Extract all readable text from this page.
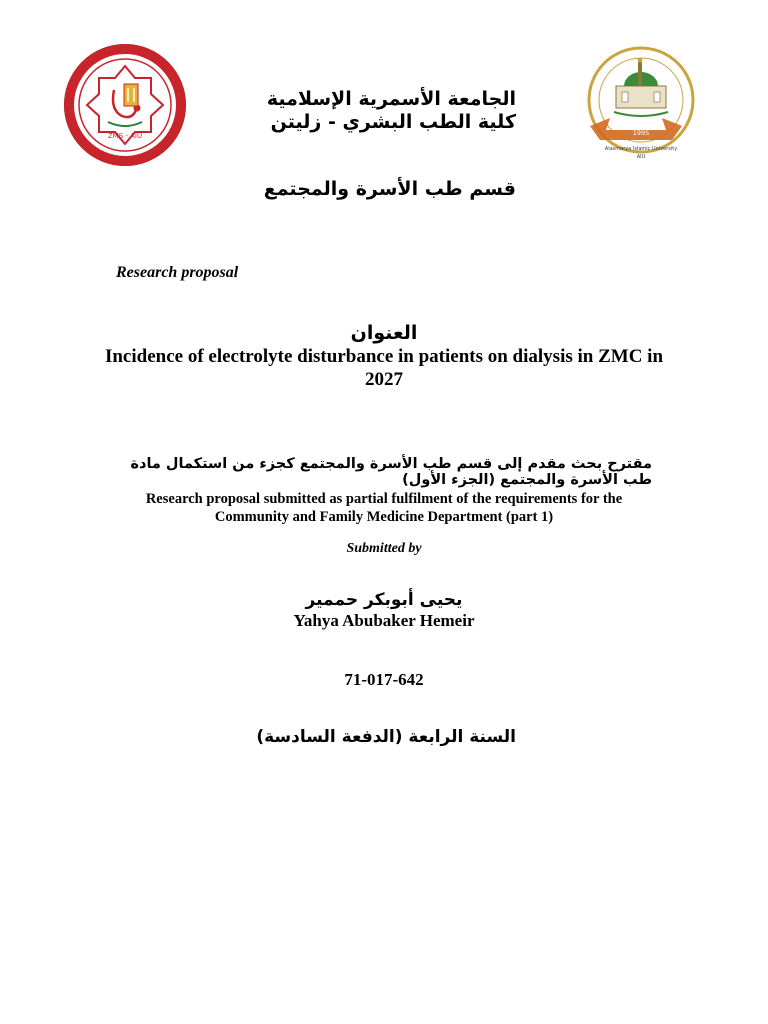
ZMS - AIU	1995
Alasmarya Islamic University
AIU
الجامعة الأسمرية الإسلامية
كلية الطب البشري - زليتن
قسم طب الأسرة والمجتمع
Research proposal
العنوان
Incidence of electrolyte disturbance in patients on dialysis in ZMC in 2027
مقترح بحث مقدم إلى قسم طب الأسرة والمجتمع كجزء من استكمال مادة طب الأسرة والمجتمع (الجزء الأول)
Research proposal submitted as partial fulfilment of the requirements for the Community and Family Medicine Department (part 1)
Submitted by
يحيى أبوبكر حممير
Yahya Abubaker Hemeir
71-017-642
السنة الرابعة (الدفعة السادسة)
